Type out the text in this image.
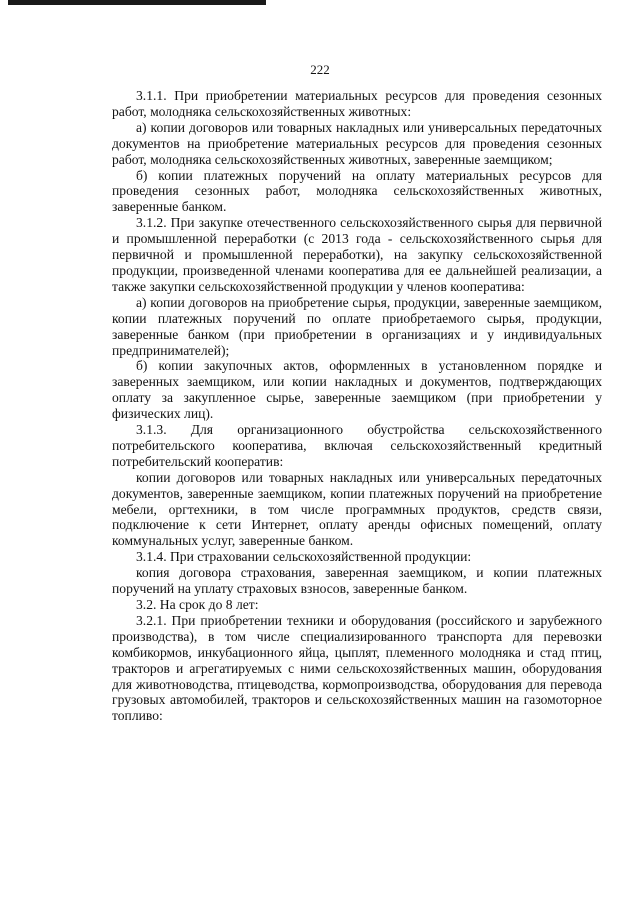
222

3.1.1. При приобретении материальных ресурсов для проведения сезонных работ, молодняка сельскохозяйственных животных:

а) копии договоров или товарных накладных или универсальных передаточных документов на приобретение материальных ресурсов для проведения сезонных работ, молодняка сельскохозяйственных животных, заверенные заемщиком;

б) копии платежных поручений на оплату материальных ресурсов для проведения сезонных работ, молодняка сельскохозяйственных животных, заверенные банком.

3.1.2. При закупке отечественного сельскохозяйственного сырья для первичной и промышленной переработки (с 2013 года - сельскохозяйственного сырья для первичной и промышленной переработки), на закупку сельскохозяйственной продукции, произведенной членами кооператива для ее дальнейшей реализации, а также закупки сельскохозяйственной продукции у членов кооператива:

а) копии договоров на приобретение сырья, продукции, заверенные заемщиком, копии платежных поручений по оплате приобретаемого сырья, продукции, заверенные банком (при приобретении в организациях и у индивидуальных предпринимателей);

б) копии закупочных актов, оформленных в установленном порядке и заверенных заемщиком, или копии накладных и документов, подтверждающих оплату за закупленное сырье, заверенные заемщиком (при приобретении у физических лиц).

3.1.3. Для организационного обустройства сельскохозяйственного потребительского кооператива, включая сельскохозяйственный кредитный потребительский кооператив:

копии договоров или товарных накладных или универсальных передаточных документов, заверенные заемщиком, копии платежных поручений на приобретение мебели, оргтехники, в том числе программных продуктов, средств связи, подключение к сети Интернет, оплату аренды офисных помещений, оплату коммунальных услуг, заверенные банком.

3.1.4. При страховании сельскохозяйственной продукции:

копия договора страхования, заверенная заемщиком, и копии платежных поручений на уплату страховых взносов, заверенные банком.

3.2. На срок до 8 лет:

3.2.1. При приобретении техники и оборудования (российского и зарубежного производства), в том числе специализированного транспорта для перевозки комбикормов, инкубационного яйца, цыплят, племенного молодняка и стад птиц, тракторов и агрегатируемых с ними сельскохозяйственных машин, оборудования для животноводства, птицеводства, кормопроизводства, оборудования для перевода грузовых автомобилей, тракторов и сельскохозяйственных машин на газомоторное топливо:
